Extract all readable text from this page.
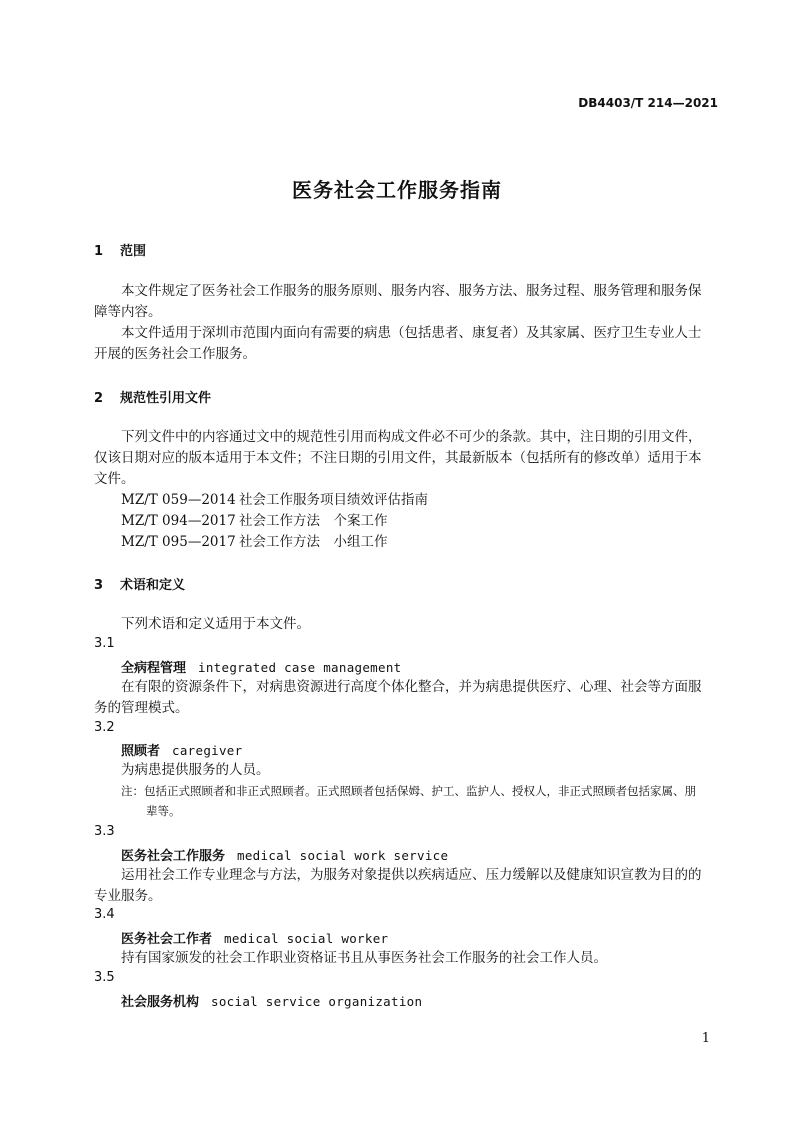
DB4403/T 214—2021
医务社会工作服务指南
1 范围
本文件规定了医务社会工作服务的服务原则、服务内容、服务方法、服务过程、服务管理和服务保
障等内容。
本文件适用于深圳市范围内面向有需要的病患（包括患者、康复者）及其家属、医疗卫生专业人士
开展的医务社会工作服务。
2 规范性引用文件
下列文件中的内容通过文中的规范性引用而构成文件必不可少的条款。其中，注日期的引用文件，
仅该日期对应的版本适用于本文件；不注日期的引用文件，其最新版本（包括所有的修改单）适用于本
文件。
MZ/T 059—2014 社会工作服务项目绩效评估指南
MZ/T 094—2017 社会工作方法　个案工作
MZ/T 095—2017 社会工作方法　小组工作
3 术语和定义
下列术语和定义适用于本文件。
3.1
全病程管理 integrated case management
在有限的资源条件下，对病患资源进行高度个体化整合，并为病患提供医疗、心理、社会等方面服
务的管理模式。
3.2
照顾者 caregiver
为病患提供服务的人员。
注：包括正式照顾者和非正式照顾者。正式照顾者包括保姆、护工、监护人、授权人，非正式照顾者包括家属、朋
辈等。
3.3
医务社会工作服务 medical social work service
运用社会工作专业理念与方法，为服务对象提供以疾病适应、压力缓解以及健康知识宣教为目的的
专业服务。
3.4
医务社会工作者 medical social worker
持有国家颁发的社会工作职业资格证书且从事医务社会工作服务的社会工作人员。
3.5
社会服务机构 social service organization
1
